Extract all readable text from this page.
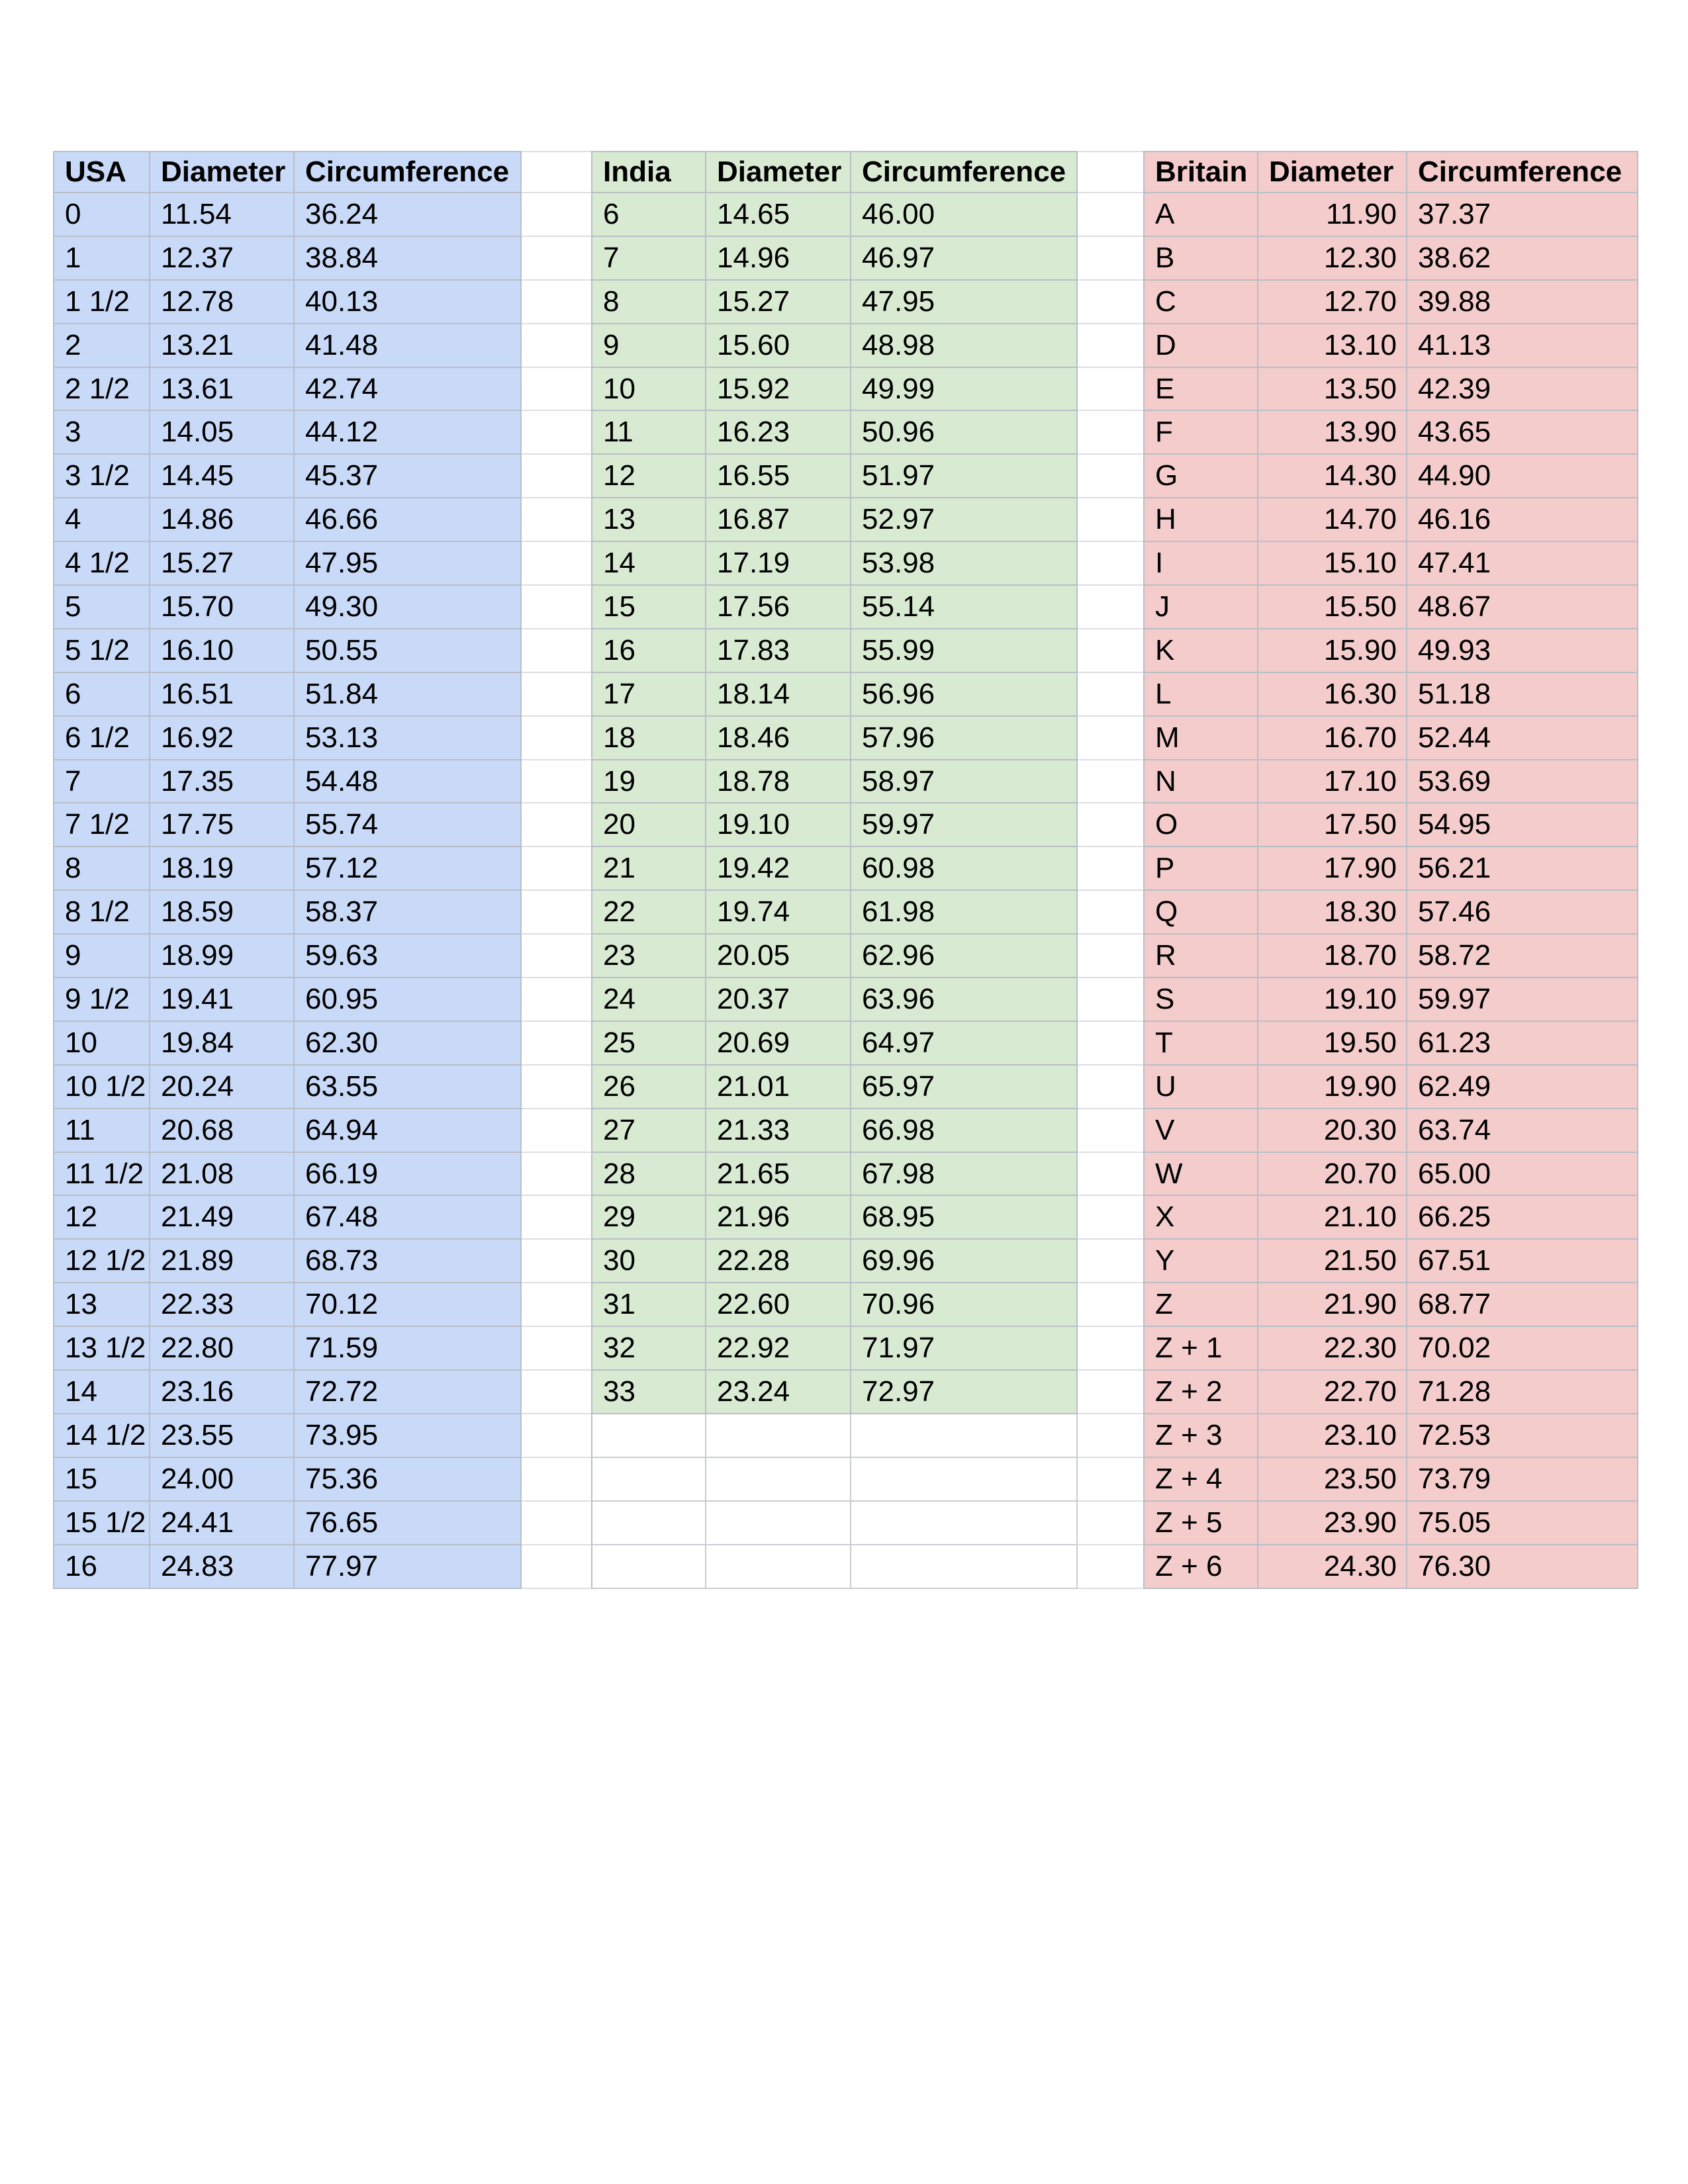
USA Diameter Circumference	India Diameter Circumference	Britain Diameter Circumference
0	11.54	36.24	6	14.65 46.00	A	11.90 37.37
1	12.37 38.84	7	14.96 46.97	B	12.30 38.62
1 1/2 12.78 40.13	8	15.27 47.95	C	12.70 39.88
2	13.21 41.48	9	15.60 48.98	D	13.10 41.13
2 1/2 13.61 42.74	10	15.92 49.99	E	13.50 42.39
3	14.05 44.12	11	16.23 50.96	F	13.90 43.65
3 1/2 14.45 45.37	12	16.55 51.97	G	14.30 44.90
4	14.86 46.66	13	16.87 52.97	H	14.70 46.16
4 1/2 15.27 47.95	14	17.19 53.98	I	15.10 47.41
5	15.70 49.30	15	17.56 55.14	J	15.50 48.67
5 1/2 16.10 50.55	16	17.83 55.99	K	15.90 49.93
6	16.51 51.84	17	18.14 56.96	L	16.30 51.18
6 1/2 16.92 53.13	18	18.46 57.96	M	16.70 52.44
7	17.35 54.48	19	18.78 58.97	N	17.10 53.69
7 1/2 17.75 55.74	20	19.10 59.97	O	17.50 54.95
8	18.19 57.12	21	19.42 60.98	P	17.90 56.21
8 1/2 18.59 58.37	22	19.74 61.98	Q	18.30 57.46
9	18.99 59.63	23	20.05 62.96	R	18.70 58.72
9 1/2 19.41 60.95	24	20.37 63.96	S	19.10 59.97
10 19.84 62.30	25	20.69 64.97	T	19.50 61.23
10 1/2 20.24 63.55	26	21.01 65.97	U	19.90 62.49
11 20.68 64.94	27	21.33 66.98	V	20.30 63.74
11 1/2 21.08 66.19	28	21.65 67.98	W	20.70 65.00
12 21.49 67.48	29	21.96 68.95	X	21.10 66.25
12 1/2 21.89 68.73	30	22.28 69.96	Y	21.50 67.51
13 22.33 70.12	31	22.60 70.96	Z	21.90 68.77
13 1/2 22.80 71.59	32	22.92 71.97	Z + 1	22.30 70.02
14 23.16 72.72	33	23.24 72.97	Z + 2	22.70 71.28
14 1/2 23.55 73.95	Z + 3	23.10 72.53
15 24.00 75.36	Z + 4	23.50 73.79
15 1/2 24.41 76.65	Z + 5	23.90 75.05
16 24.83 77.97	Z + 6	24.30 76.30
